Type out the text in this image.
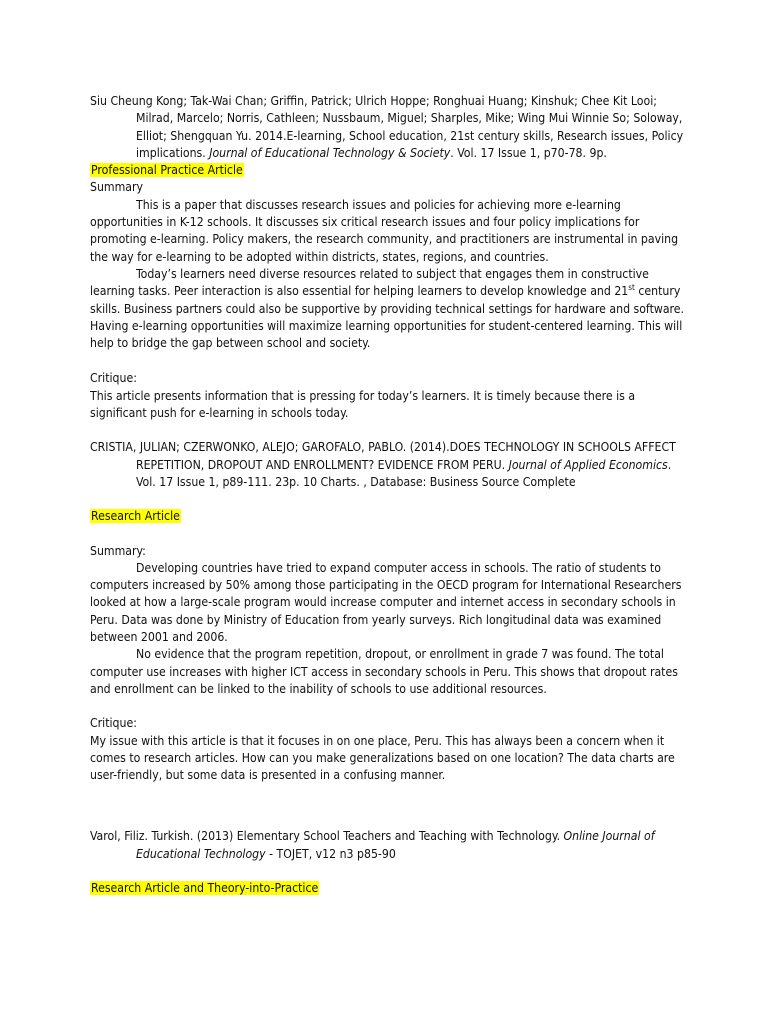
Siu Cheung Kong; Tak-Wai Chan; Griffin, Patrick; Ulrich Hoppe; Ronghuai Huang; Kinshuk; Chee Kit Looi; Milrad, Marcelo; Norris, Cathleen; Nussbaum, Miguel; Sharples, Mike; Wing Mui Winnie So; Soloway, Elliot; Shengquan Yu. 2014.E-learning, School education, 21st century skills, Research issues, Policy implications. Journal of Educational Technology & Society. Vol. 17 Issue 1, p70-78. 9p.

Professional Practice Article

Summary

This is a paper that discusses research issues and policies for achieving more e-learning opportunities in K-12 schools. It discusses six critical research issues and four policy implications for promoting e-learning. Policy makers, the research community, and practitioners are instrumental in paving the way for e-learning to be adopted within districts, states, regions, and countries.

Today’s learners need diverse resources related to subject that engages them in constructive learning tasks. Peer interaction is also essential for helping learners to develop knowledge and 21st century skills. Business partners could also be supportive by providing technical settings for hardware and software. Having e-learning opportunities will maximize learning opportunities for student-centered learning. This will help to bridge the gap between school and society.

Critique:

This article presents information that is pressing for today’s learners. It is timely because there is a significant push for e-learning in schools today.

CRISTIA, JULIAN; CZERWONKO, ALEJO; GAROFALO, PABLO. (2014).DOES TECHNOLOGY IN SCHOOLS AFFECT REPETITION, DROPOUT AND ENROLLMENT? EVIDENCE FROM PERU. Journal of Applied Economics. Vol. 17 Issue 1, p89-111. 23p. 10 Charts. , Database: Business Source Complete

Research Article

Summary:

Developing countries have tried to expand computer access in schools. The ratio of students to computers increased by 50% among those participating in the OECD program for International Researchers looked at how a large-scale program would increase computer and internet access in secondary schools in Peru. Data was done by Ministry of Education from yearly surveys. Rich longitudinal data was examined between 2001 and 2006.

No evidence that the program repetition, dropout, or enrollment in grade 7 was found. The total computer use increases with higher ICT access in secondary schools in Peru. This shows that dropout rates and enrollment can be linked to the inability of schools to use additional resources.

Critique:

My issue with this article is that it focuses in on one place, Peru. This has always been a concern when it comes to research articles. How can you make generalizations based on one location? The data charts are user-friendly, but some data is presented in a confusing manner.

Varol, Filiz. Turkish. (2013) Elementary School Teachers and Teaching with Technology. Online Journal of Educational Technology - TOJET, v12 n3 p85-90

Research Article and Theory-into-Practice
